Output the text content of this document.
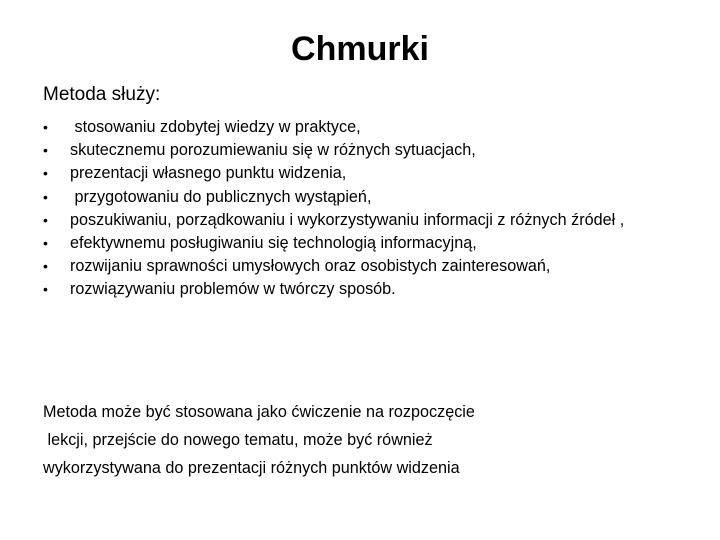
Chmurki
Metoda służy:
•	stosowaniu zdobytej wiedzy w praktyce,
•	skutecznemu porozumiewaniu się w różnych sytuacjach,
•	prezentacji własnego punktu widzenia,
•	przygotowaniu do publicznych wystąpień,
•	poszukiwaniu, porządkowaniu i wykorzystywaniu informacji z różnych źródeł ,
•	efektywnemu posługiwaniu się technologią informacyjną,
•	rozwijaniu sprawności umysłowych oraz osobistych zainteresowań,
•	rozwiązywaniu problemów w twórczy sposób.
Metoda może być stosowana jako ćwiczenie na rozpoczęcie
lekcji, przejście do nowego tematu, może być również
wykorzystywana do prezentacji różnych punktów widzenia
